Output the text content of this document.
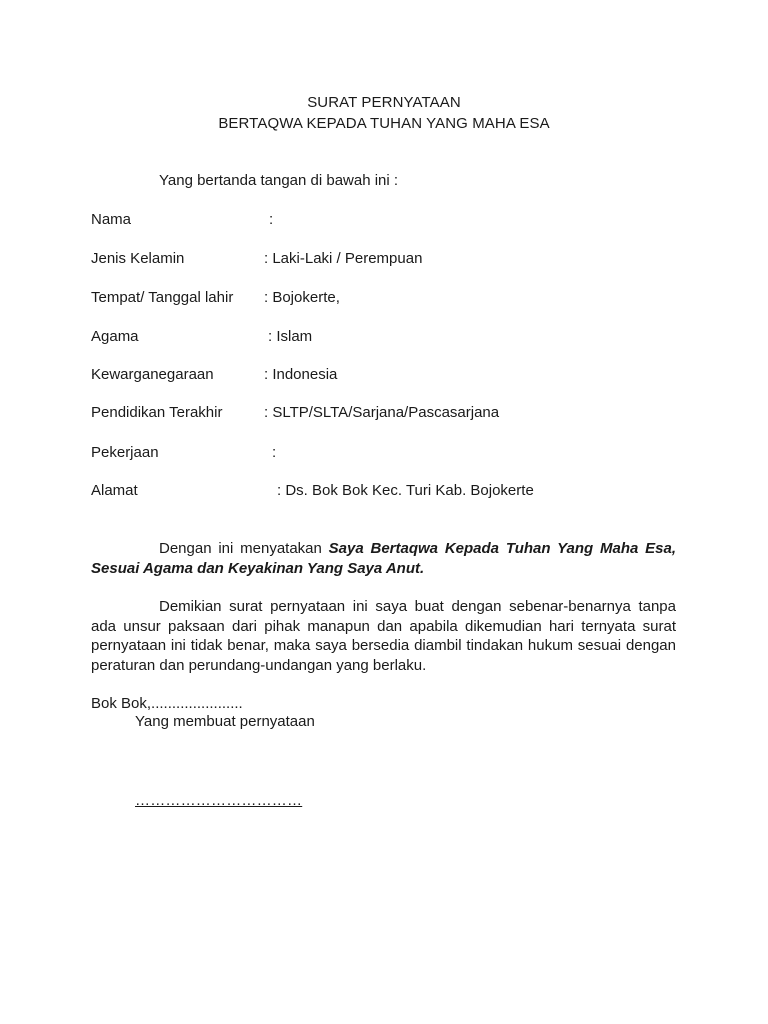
SURAT PERNYATAAN
BERTAQWA KEPADA TUHAN YANG MAHA ESA
Yang bertanda tangan di bawah ini :
Nama	:
Jenis Kelamin	: Laki-Laki / Perempuan
Tempat/ Tanggal lahir : Bojokerte,
Agama	: Islam
Kewarganegaraan	: Indonesia
Pendidikan Terakhir	: SLTP/SLTA/Sarjana/Pascasarjana
Pekerjaan	:
Alamat	: Ds. Bok Bok Kec. Turi Kab. Bojokerte
Dengan ini menyatakan Saya Bertaqwa Kepada Tuhan Yang Maha Esa, Sesuai Agama dan Keyakinan Yang Saya Anut.
Demikian surat pernyataan ini saya buat dengan sebenar-benarnya tanpa ada unsur paksaan dari pihak manapun dan apabila dikemudian hari ternyata surat pernyataan ini tidak benar, maka saya bersedia diambil tindakan hukum sesuai dengan peraturan dan perundang-undangan yang berlaku.
Bok Bok,......................
Yang membuat pernyataan
……………………………
